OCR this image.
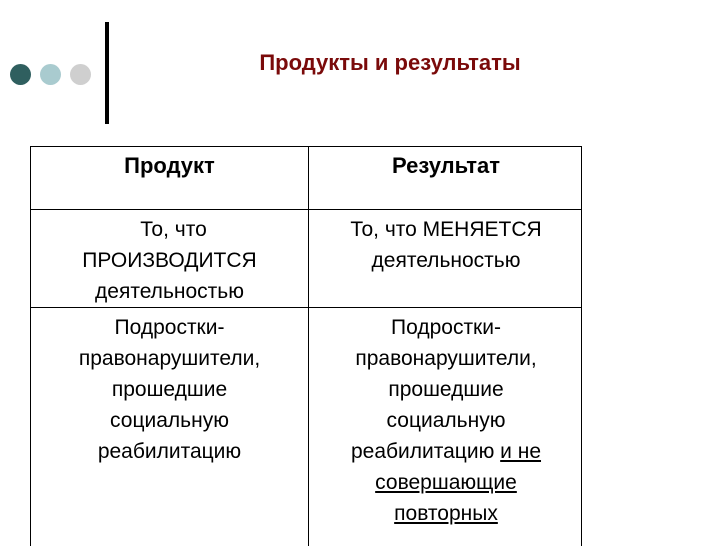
Продукты и результаты
Продукт	Результат
То, что
ПРОИЗВОДИТСЯ
деятельностью
То, что МЕНЯЕТСЯ
деятельностью
Подростки-
правонарушители,
прошедшие
социальную
реабилитацию
Подростки-
правонарушители,
прошедшие
социальную
реабилитацию и не
совершающие
повторных
